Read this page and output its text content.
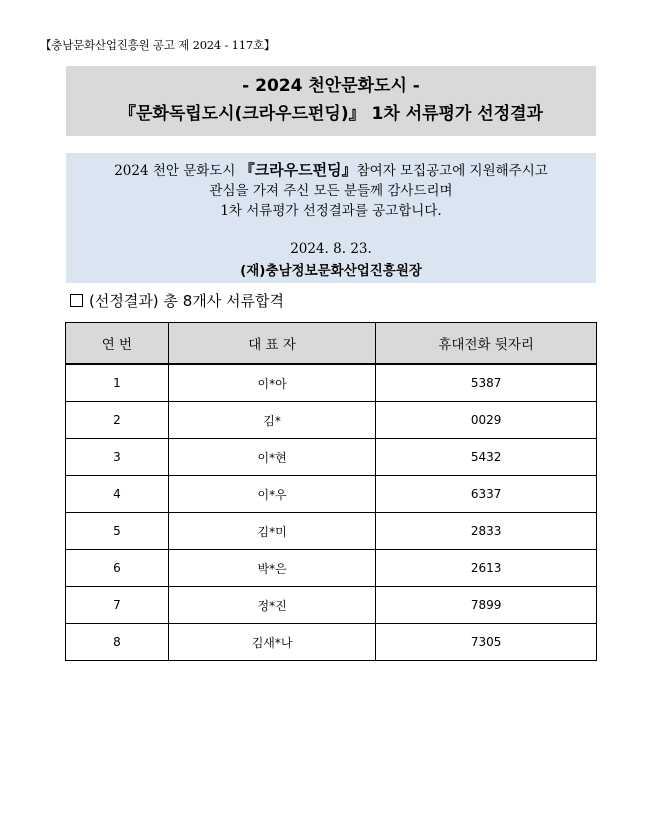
【충남문화산업진흥원 공고 제 2024 - 117호】
- 2024 천안문화도시 -
『문화독립도시(크라우드펀딩)』 1차 서류평가 선정결과
2024 천안 문화도시 『크라우드펀딩』참여자 모집공고에 지원해주시고
관심을 가져 주신 모든 분들께 감사드리며
1차 서류평가 선정결과를 공고합니다.
2024. 8. 23.
(재)충남정보문화산업진흥원장
(선정결과) 총 8개사 서류합격
연 번	대 표 자	휴대전화 뒷자리
1	이*아	5387
2	김*	0029
3	이*현	5432
4	이*우	6337
5	김*미	2833
6	박*은	2613
7	정*진	7899
8	김새*나	7305
